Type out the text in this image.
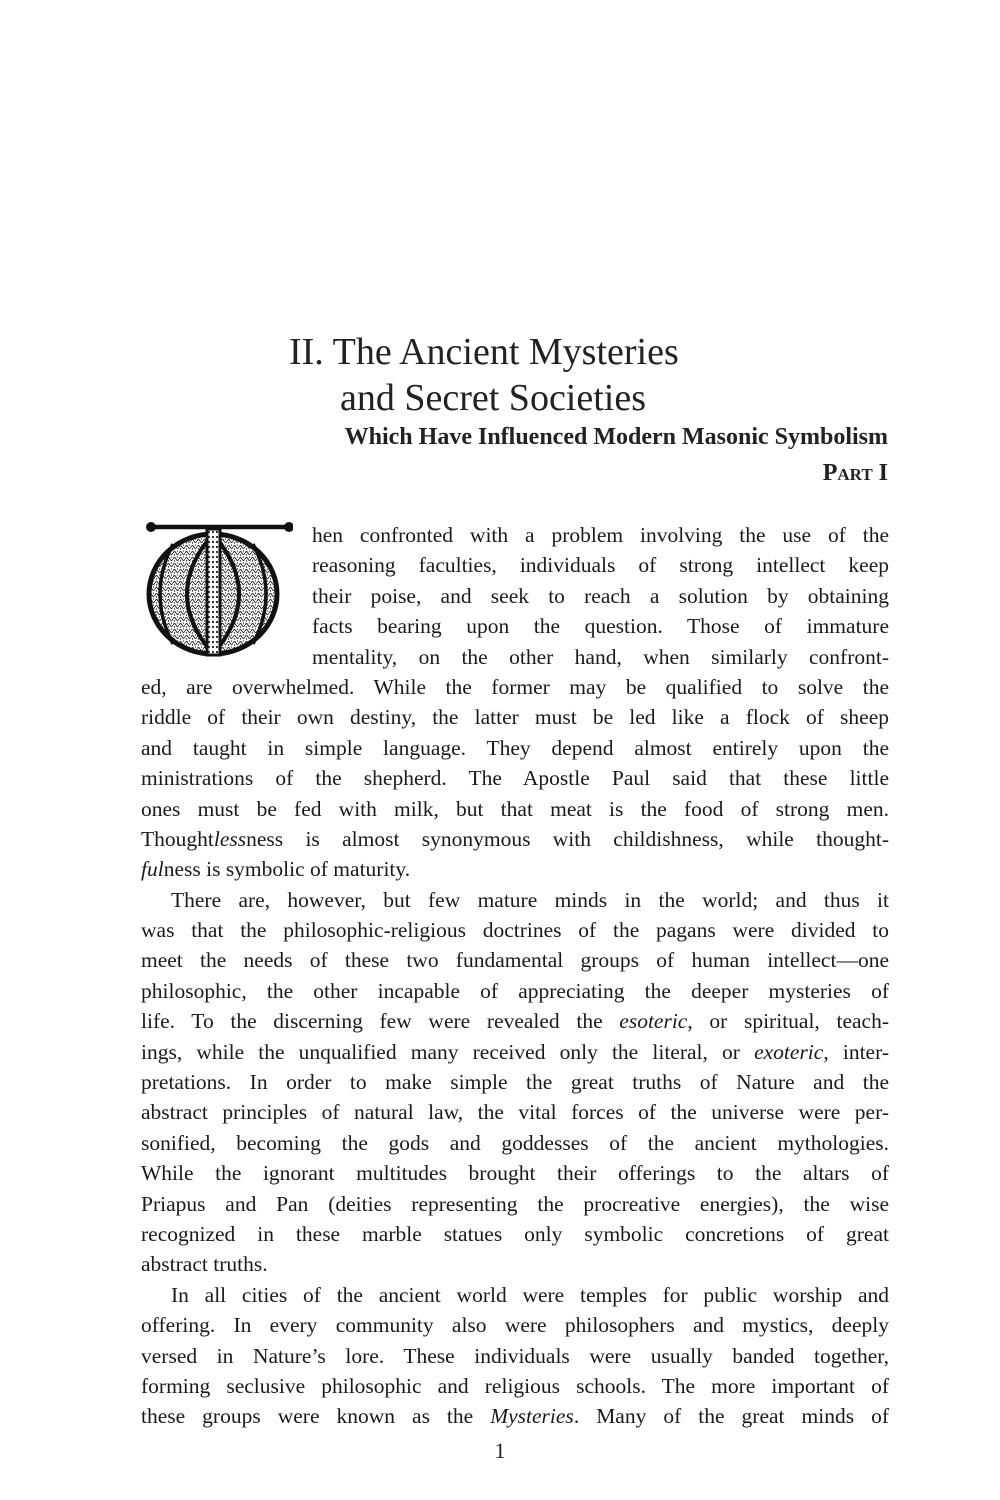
II. The Ancient Mysteries
and Secret Societies
Which Have Influenced Modern Masonic Symbolism
Part I
hen confronted with a problem involving the use of the
reasoning faculties, individuals of strong intellect keep
their poise, and seek to reach a solution by obtaining
facts bearing upon the question. Those of immature
mentality, on the other hand, when similarly confront-
ed, are overwhelmed. While the former may be qualified to solve the
riddle of their own destiny, the latter must be led like a flock of sheep
and taught in simple language. They depend almost entirely upon the
ministrations of the shepherd. The Apostle Paul said that these little
ones must be fed with milk, but that meat is the food of strong men.
Thoughtlessness is almost synonymous with childishness, while thought-
fulness is symbolic of maturity.
There are, however, but few mature minds in the world; and thus it
was that the philosophic-religious doctrines of the pagans were divided to
meet the needs of these two fundamental groups of human intellect—one
philosophic, the other incapable of appreciating the deeper mysteries of
life. To the discerning few were revealed the esoteric, or spiritual, teach-
ings, while the unqualified many received only the literal, or exoteric, inter-
pretations. In order to make simple the great truths of Nature and the
abstract principles of natural law, the vital forces of the universe were per-
sonified, becoming the gods and goddesses of the ancient mythologies.
While the ignorant multitudes brought their offerings to the altars of
Priapus and Pan (deities representing the procreative energies), the wise
recognized in these marble statues only symbolic concretions of great
abstract truths.
In all cities of the ancient world were temples for public worship and
offering. In every community also were philosophers and mystics, deeply
versed in Nature’s lore. These individuals were usually banded together,
forming seclusive philosophic and religious schools. The more important of
these groups were known as the Mysteries. Many of the great minds of
1
